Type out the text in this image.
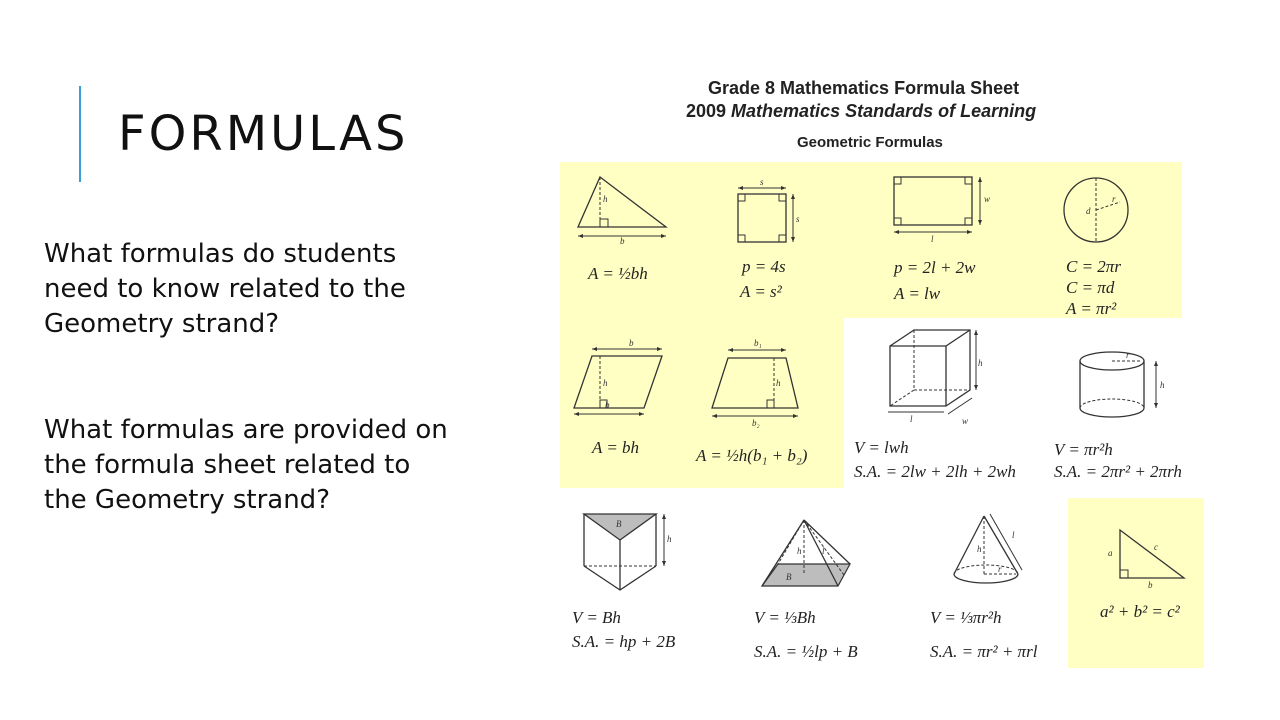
FORMULAS

What formulas do students need to know related to the Geometry strand?

What formulas are provided on the formula sheet related to the Geometry strand?

Grade 8 Mathematics Formula Sheet

2009 Mathematics Standards of Learning

Geometric Formulas

h
b
A = ½bh
s
s
p = 4s
A = s²
w
l
p = 2l + 2w
A = lw
d
r
C = 2πr
C = πd
A = πr²
b
h
b
A = bh
b₁
h
b₂
A = ½h(b₁ + b₂)
h
l	w
V = lwh
S.A. = 2lw + 2lh + 2wh
r
h
V = πr²h
S.A. = 2πr² + 2πrh
B
h
V = Bh
S.A. = hp + 2B
h l
B
V = ⅓Bh
S.A. = ½lp + B
l
h
r
V = ⅓πr²h
S.A. = πr² + πrl
a
c
b
a² + b² = c²
